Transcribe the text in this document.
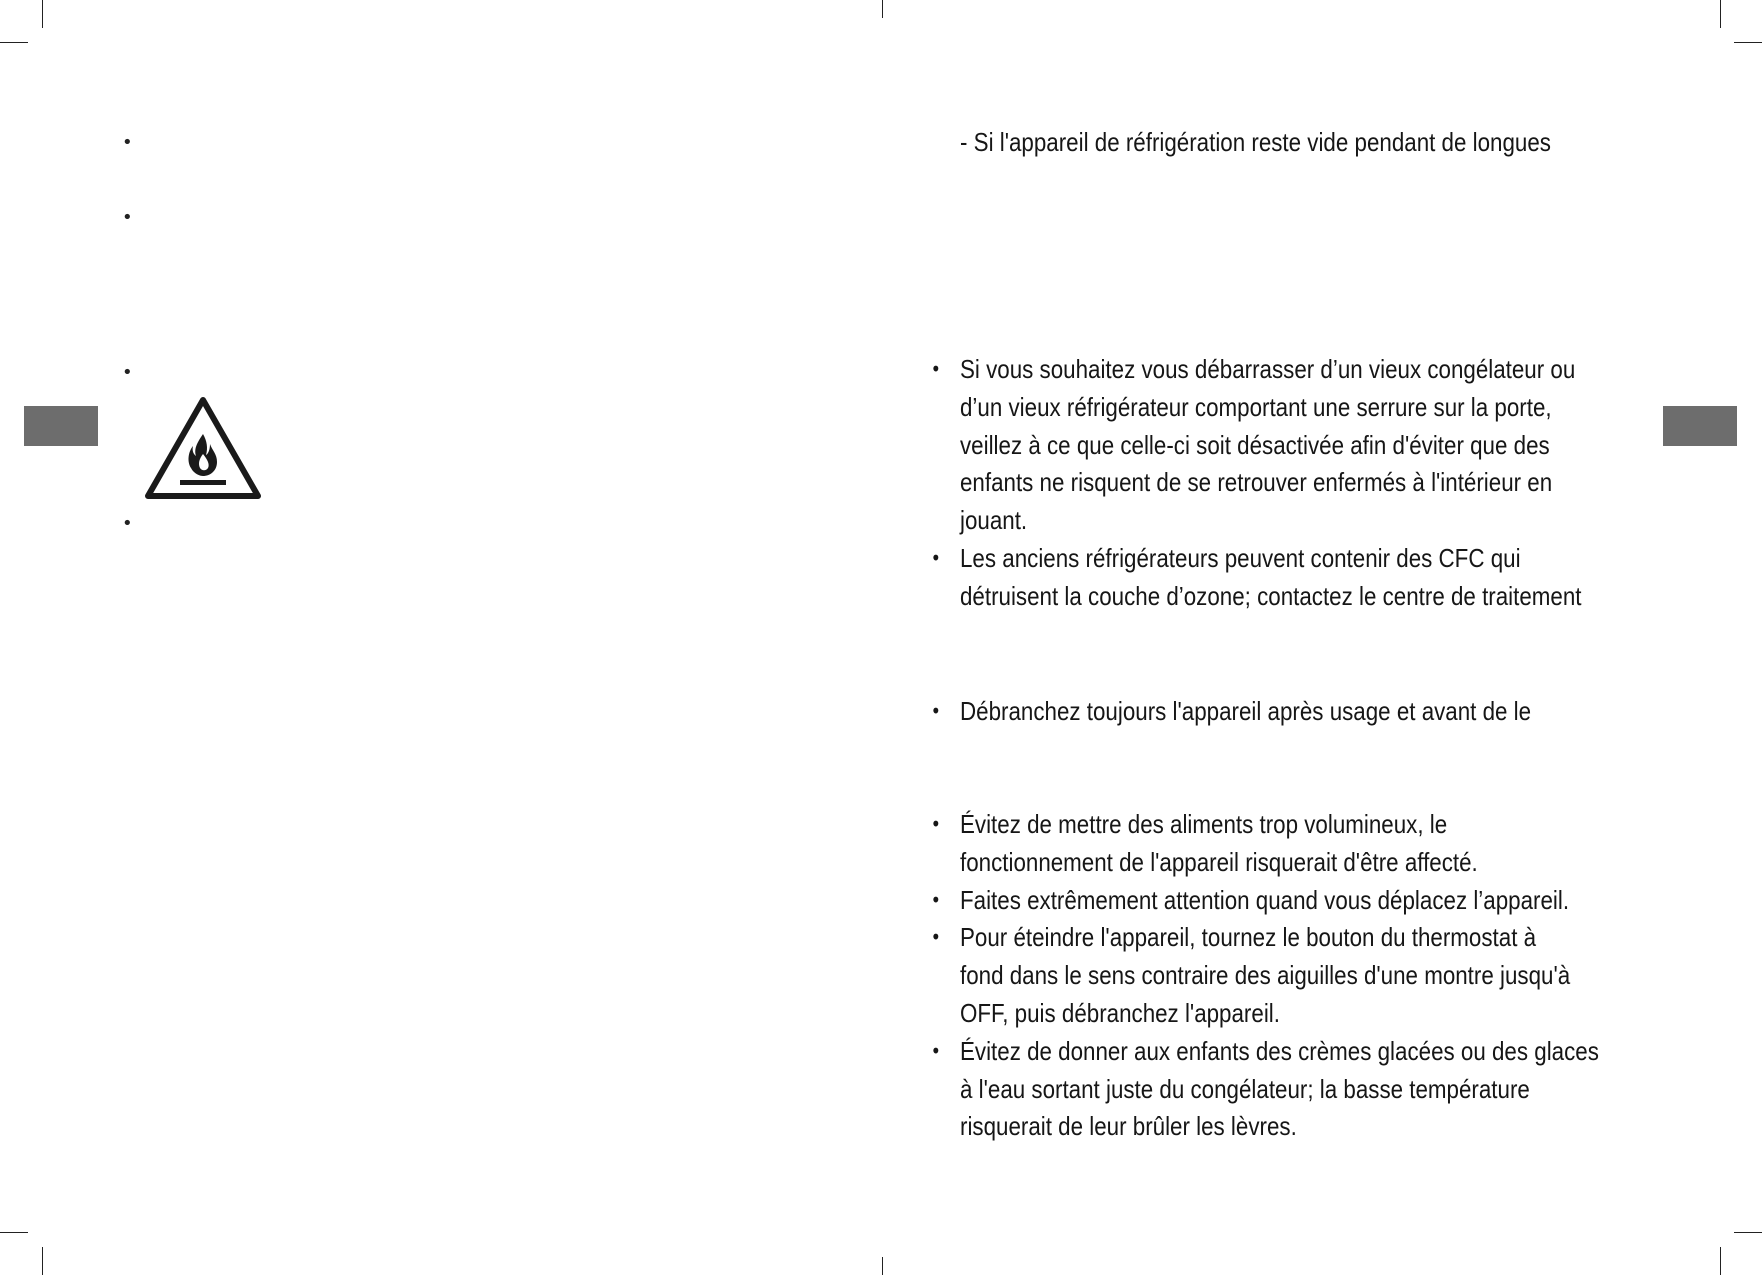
•
•
•
•
- Si l'appareil de réfrigération reste vide pendant de longues
• Si vous souhaitez vous débarrasser d’un vieux congélateur ou
d’un vieux réfrigérateur comportant une serrure sur la porte,
veillez à ce que celle-ci soit désactivée afin d'éviter que des
enfants ne risquent de se retrouver enfermés à l'intérieur en
jouant.
• Les anciens réfrigérateurs peuvent contenir des CFC qui
détruisent la couche d’ozone; contactez le centre de traitement
• Débranchez toujours l'appareil après usage et avant de le
• Évitez de mettre des aliments trop volumineux, le
fonctionnement de l'appareil risquerait d'être affecté.
• Faites extrêmement attention quand vous déplacez l’appareil.
• Pour éteindre l'appareil, tournez le bouton du thermostat à
fond dans le sens contraire des aiguilles d'une montre jusqu'à
OFF, puis débranchez l'appareil.
• Évitez de donner aux enfants des crèmes glacées ou des glaces
à l'eau sortant juste du congélateur; la basse température
risquerait de leur brûler les lèvres.
